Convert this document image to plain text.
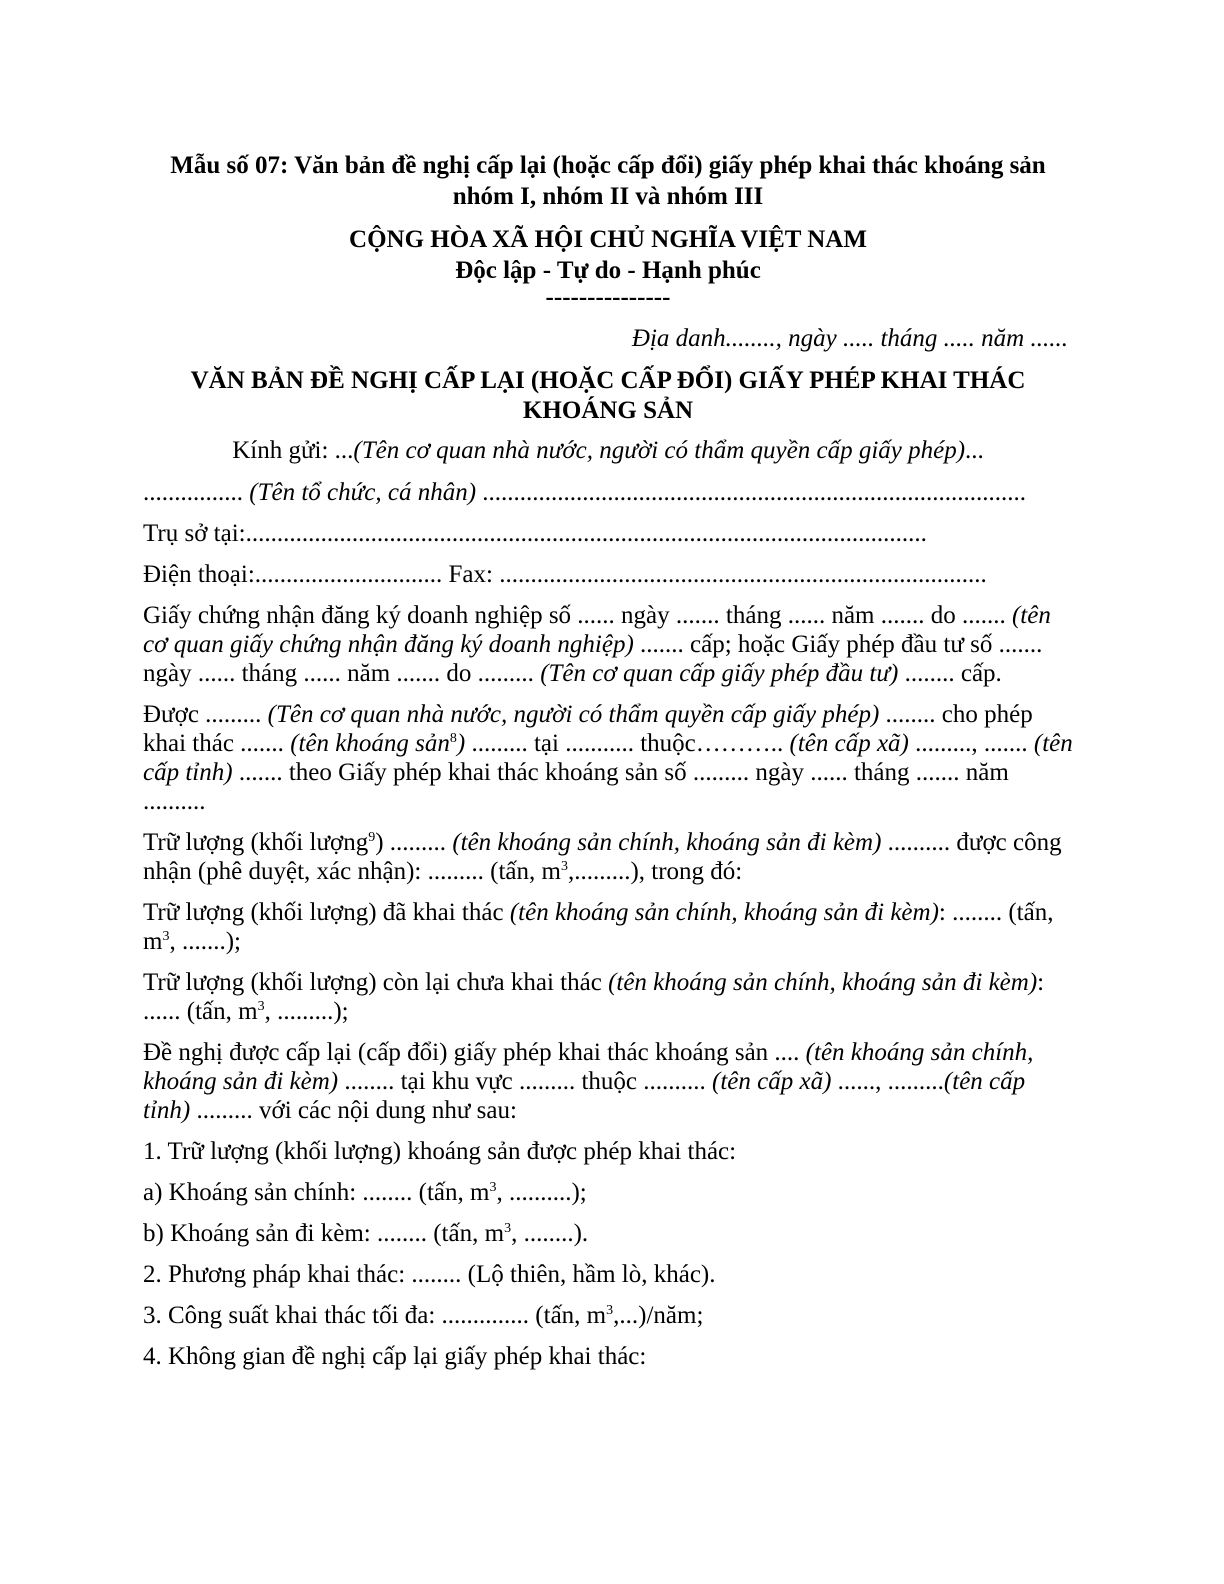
Mẫu số 07: Văn bản đề nghị cấp lại (hoặc cấp đổi) giấy phép khai thác khoáng sản
nhóm I, nhóm II và nhóm III

CỘNG HÒA XÃ HỘI CHỦ NGHĨA VIỆT NAM
Độc lập - Tự do - Hạnh phúc

---------------

Địa danh........, ngày ..... tháng ..... năm ......

VĂN BẢN ĐỀ NGHỊ CẤP LẠI (HOẶC CẤP ĐỔI) GIẤY PHÉP KHAI THÁC
KHOÁNG SẢN

Kính gửi: ...(Tên cơ quan nhà nước, người có thẩm quyền cấp giấy phép)...

................ (Tên tổ chức, cá nhân) .......................................................................................

Trụ sở tại:.............................................................................................................

Điện thoại:.............................. Fax: ..............................................................................

Giấy chứng nhận đăng ký doanh nghiệp số ...... ngày ....... tháng ...... năm ....... do ....... (tên cơ quan giấy chứng nhận đăng ký doanh nghiệp) ....... cấp; hoặc Giấy phép đầu tư số ....... ngày ...... tháng ...... năm ....... do ......... (Tên cơ quan cấp giấy phép đầu tư) ........ cấp.

Được ......... (Tên cơ quan nhà nước, người có thẩm quyền cấp giấy phép) ........ cho phép khai thác ....... (tên khoáng sản$^8$) ......... tại ........... thuộc……….. (tên cấp xã) ........., ....... (tên cấp tỉnh) ....... theo Giấy phép khai thác khoáng sản số ......... ngày ...... tháng ....... năm ..........

Trữ lượng (khối lượng$^9$) ......... (tên khoáng sản chính, khoáng sản đi kèm) .......... được công nhận (phê duyệt, xác nhận): ......... (tấn, $m^3$,.........), trong đó:

Trữ lượng (khối lượng) đã khai thác (tên khoáng sản chính, khoáng sản đi kèm): ........ (tấn, $m^3$, .......);

Trữ lượng (khối lượng) còn lại chưa khai thác (tên khoáng sản chính, khoáng sản đi kèm): ...... (tấn, $m^3$, .........);

Đề nghị được cấp lại (cấp đổi) giấy phép khai thác khoáng sản .... (tên khoáng sản chính, khoáng sản đi kèm) ........ tại khu vực ......... thuộc .......... (tên cấp xã) ......, .........(tên cấp tỉnh) ......... với các nội dung như sau:

1. Trữ lượng (khối lượng) khoáng sản được phép khai thác:

a) Khoáng sản chính: ........ (tấn, $m^3$, ..........);

b) Khoáng sản đi kèm: ........ (tấn, $m^3$, ........).

2. Phương pháp khai thác: ........ (Lộ thiên, hầm lò, khác).

3. Công suất khai thác tối đa: .............. (tấn, $m^3$,...)/năm;

4. Không gian đề nghị cấp lại giấy phép khai thác:
